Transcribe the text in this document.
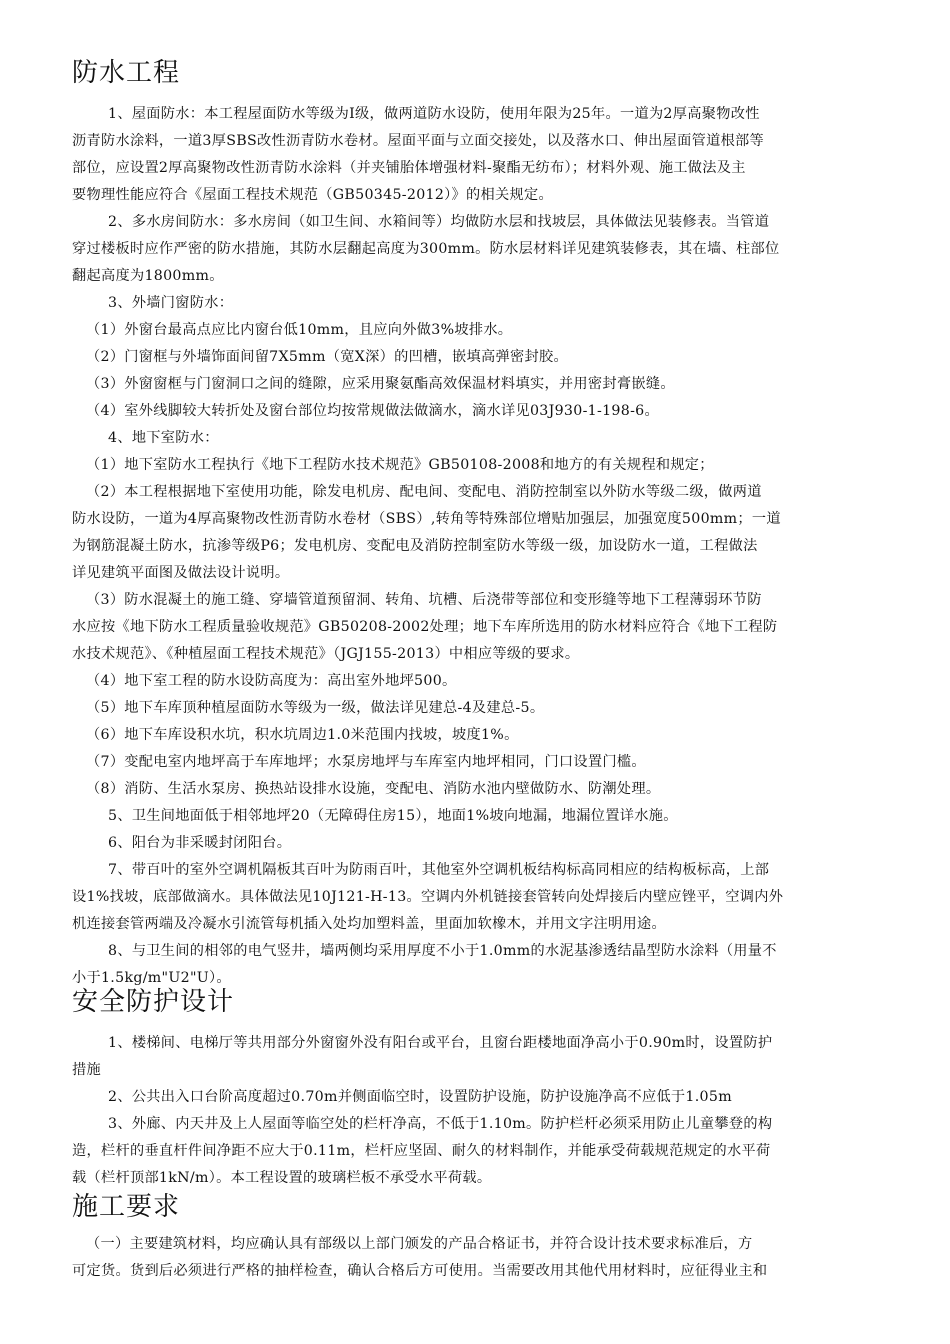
防水工程
1、屋面防水：本工程屋面防水等级为Ⅰ级，做两道防水设防，使用年限为25年。一道为2厚高聚物改性
沥青防水涂料，一道3厚SBS改性沥青防水卷材。屋面平面与立面交接处，以及落水口、伸出屋面管道根部等
部位，应设置2厚高聚物改性沥青防水涂料（并夹铺胎体增强材料-聚酯无纺布）；材料外观、施工做法及主
要物理性能应符合《屋面工程技术规范（GB50345-2012）》的相关规定。
2、多水房间防水：多水房间（如卫生间、水箱间等）均做防水层和找坡层，具体做法见装修表。当管道
穿过楼板时应作严密的防水措施，其防水层翻起高度为300mm。防水层材料详见建筑装修表，其在墙、柱部位
翻起高度为1800mm。
3、外墙门窗防水：
（1）外窗台最高点应比内窗台低10mm，且应向外做3%坡排水。
（2）门窗框与外墙饰面间留7X5mm（宽X深）的凹槽，嵌填高弹密封胶。
（3）外窗窗框与门窗洞口之间的缝隙，应采用聚氨酯高效保温材料填实，并用密封膏嵌缝。
（4）室外线脚较大转折处及窗台部位均按常规做法做滴水，滴水详见03J930-1-198-6。
4、地下室防水：
（1）地下室防水工程执行《地下工程防水技术规范》GB50108-2008和地方的有关规程和规定；
（2）本工程根据地下室使用功能，除发电机房、配电间、变配电、消防控制室以外防水等级二级，做两道
防水设防，一道为4厚高聚物改性沥青防水卷材（SBS）,转角等特殊部位增贴加强层，加强宽度500mm；一道
为钢筋混凝土防水，抗渗等级P6；发电机房、变配电及消防控制室防水等级一级，加设防水一道，工程做法
详见建筑平面图及做法设计说明。
（3）防水混凝土的施工缝、穿墙管道预留洞、转角、坑槽、后浇带等部位和变形缝等地下工程薄弱环节防
水应按《地下防水工程质量验收规范》GB50208-2002处理；地下车库所选用的防水材料应符合《地下工程防
水技术规范》、《种植屋面工程技术规范》（JGJ155-2013）中相应等级的要求。
（4）地下室工程的防水设防高度为：高出室外地坪500。
（5）地下车库顶种植屋面防水等级为一级，做法详见建总-4及建总-5。
（6）地下车库设积水坑，积水坑周边1.0米范围内找坡，坡度1%。
（7）变配电室内地坪高于车库地坪；水泵房地坪与车库室内地坪相同，门口设置门槛。
（8）消防、生活水泵房、换热站设排水设施，变配电、消防水池内壁做防水、防潮处理。
5、卫生间地面低于相邻地坪20（无障碍住房15），地面1%坡向地漏，地漏位置详水施。
6、阳台为非采暖封闭阳台。
7、带百叶的室外空调机隔板其百叶为防雨百叶，其他室外空调机板结构标高同相应的结构板标高，上部
设1%找坡，底部做滴水。具体做法见10J121-H-13。空调内外机链接套管转向处焊接后内壁应锉平，空调内外
机连接套管两端及冷凝水引流管每机插入处均加塑料盖，里面加软橡木，并用文字注明用途。
8、与卫生间的相邻的电气竖井，墙两侧均采用厚度不小于1.0mm的水泥基渗透结晶型防水涂料（用量不
小于1.5kg/m"U2"U）。
安全防护设计
1、楼梯间、电梯厅等共用部分外窗窗外没有阳台或平台，且窗台距楼地面净高小于0.90m时，设置防护
措施
2、公共出入口台阶高度超过0.70m并侧面临空时，设置防护设施，防护设施净高不应低于1.05m
3、外廊、内天井及上人屋面等临空处的栏杆净高，不低于1.10m。防护栏杆必须采用防止儿童攀登的构
造，栏杆的垂直杆件间净距不应大于0.11m，栏杆应坚固、耐久的材料制作，并能承受荷载规范规定的水平荷
载（栏杆顶部1kN/m）。本工程设置的玻璃栏板不承受水平荷载。
施工要求
（一）主要建筑材料，均应确认具有部级以上部门颁发的产品合格证书，并符合设计技术要求标准后，方
可定货。货到后必须进行严格的抽样检查，确认合格后方可使用。当需要改用其他代用材料时，应征得业主和
